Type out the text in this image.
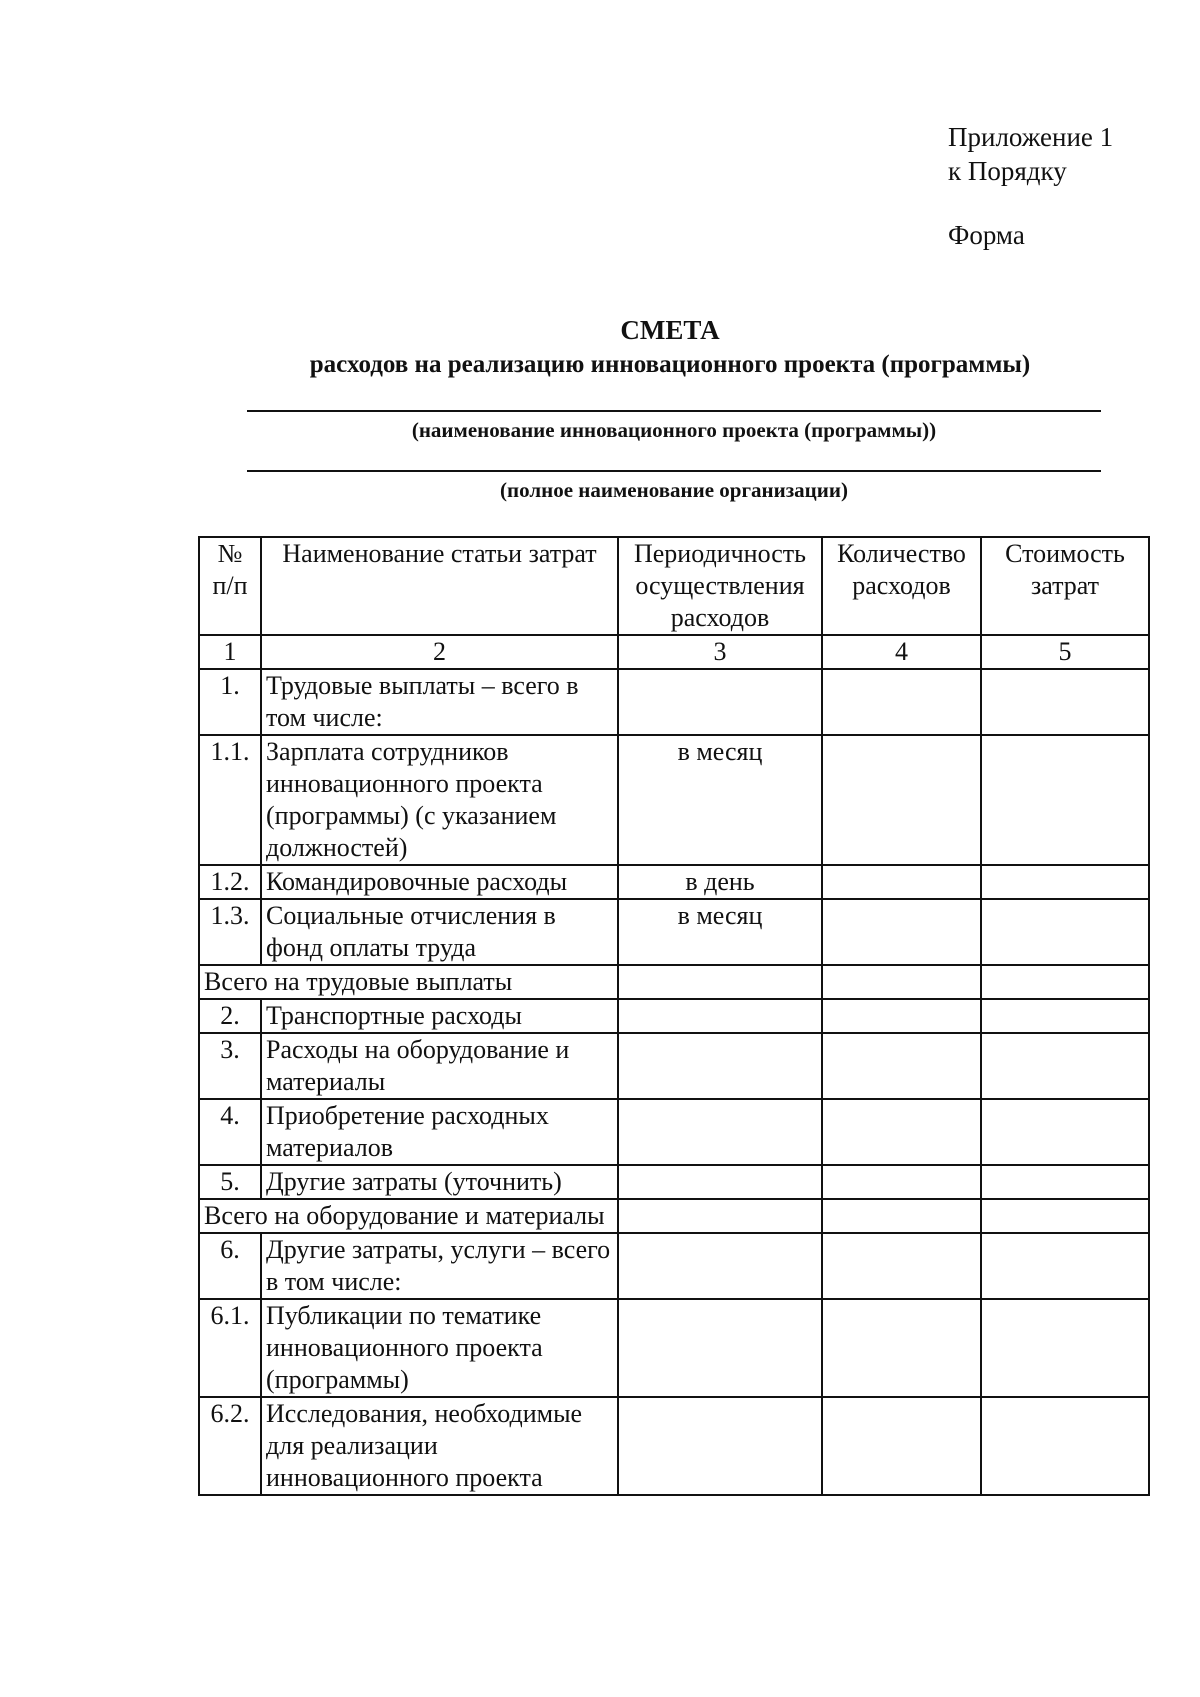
Приложение 1
к Порядку
Форма
СМЕТА
расходов на реализацию инновационного проекта (программы)
(наименование инновационного проекта (программы))
(полное наименование организации)
№ п/п	Наименование статьи затрат	Периодичность осуществления расходов	Количество расходов	Стоимость затрат
1	2	3	4	5
1.	Трудовые выплаты – всего в том числе:			
1.1.	Зарплата сотрудников инновационного проекта (программы) (с указанием должностей)	в месяц		
1.2.	Командировочные расходы	в день		
1.3.	Социальные отчисления в фонд оплаты труда	в месяц		
Всего на трудовые выплаты				
2.	Транспортные расходы			
3.	Расходы на оборудование и материалы			
4.	Приобретение расходных материалов			
5.	Другие затраты (уточнить)			
Всего на оборудование и материалы				
6.	Другие затраты, услуги – всего в том числе:			
6.1.	Публикации по тематике инновационного проекта (программы)			
6.2.	Исследования, необходимые для реализации инновационного проекта			
